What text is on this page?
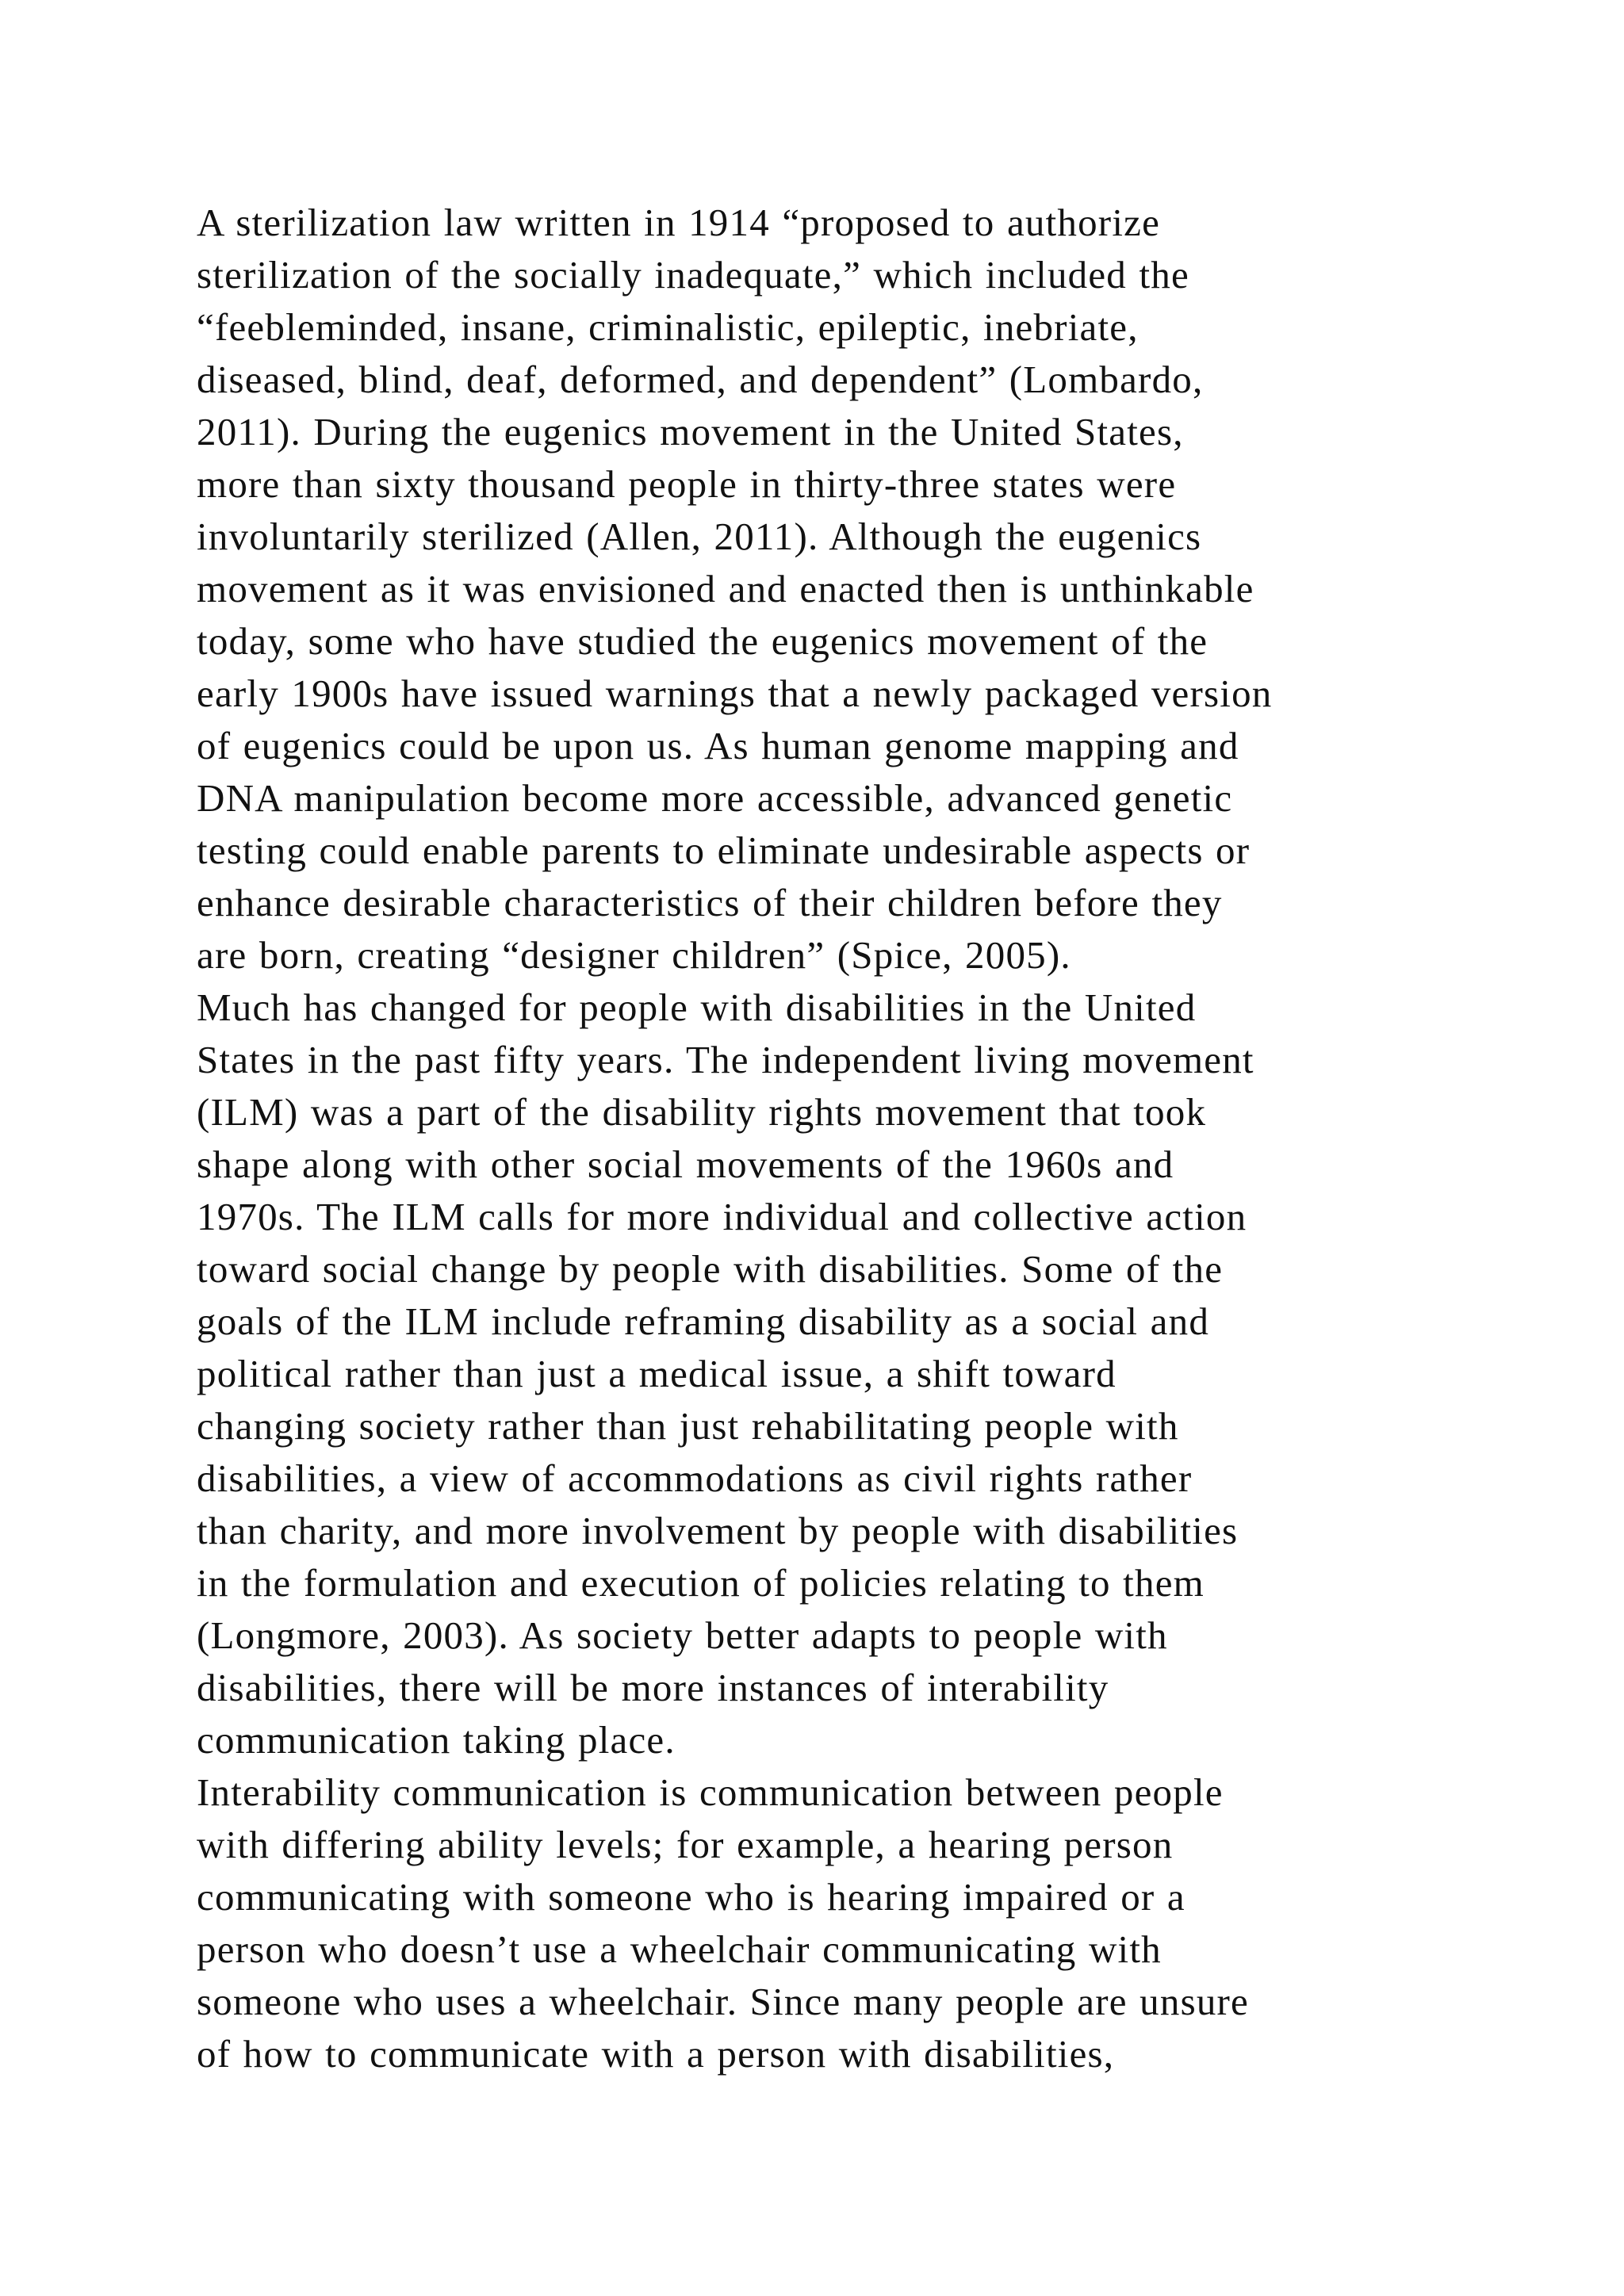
A sterilization law written in 1914 “proposed to authorize
sterilization of the socially inadequate,” which included the
“feebleminded, insane, criminalistic, epileptic, inebriate,
diseased, blind, deaf, deformed, and dependent” (Lombardo,
2011). During the eugenics movement in the United States,
more than sixty thousand people in thirty-three states were
involuntarily sterilized (Allen, 2011). Although the eugenics
movement as it was envisioned and enacted then is unthinkable
today, some who have studied the eugenics movement of the
early 1900s have issued warnings that a newly packaged version
of eugenics could be upon us. As human genome mapping and
DNA manipulation become more accessible, advanced genetic
testing could enable parents to eliminate undesirable aspects or
enhance desirable characteristics of their children before they
are born, creating “designer children” (Spice, 2005).
Much has changed for people with disabilities in the United
States in the past fifty years. The independent living movement
(ILM) was a part of the disability rights movement that took
shape along with other social movements of the 1960s and
1970s. The ILM calls for more individual and collective action
toward social change by people with disabilities. Some of the
goals of the ILM include reframing disability as a social and
political rather than just a medical issue, a shift toward
changing society rather than just rehabilitating people with
disabilities, a view of accommodations as civil rights rather
than charity, and more involvement by people with disabilities
in the formulation and execution of policies relating to them
(Longmore, 2003). As society better adapts to people with
disabilities, there will be more instances of interability
communication taking place.
Interability communication is communication between people
with differing ability levels; for example, a hearing person
communicating with someone who is hearing impaired or a
person who doesn’t use a wheelchair communicating with
someone who uses a wheelchair. Since many people are unsure
of how to communicate with a person with disabilities,
